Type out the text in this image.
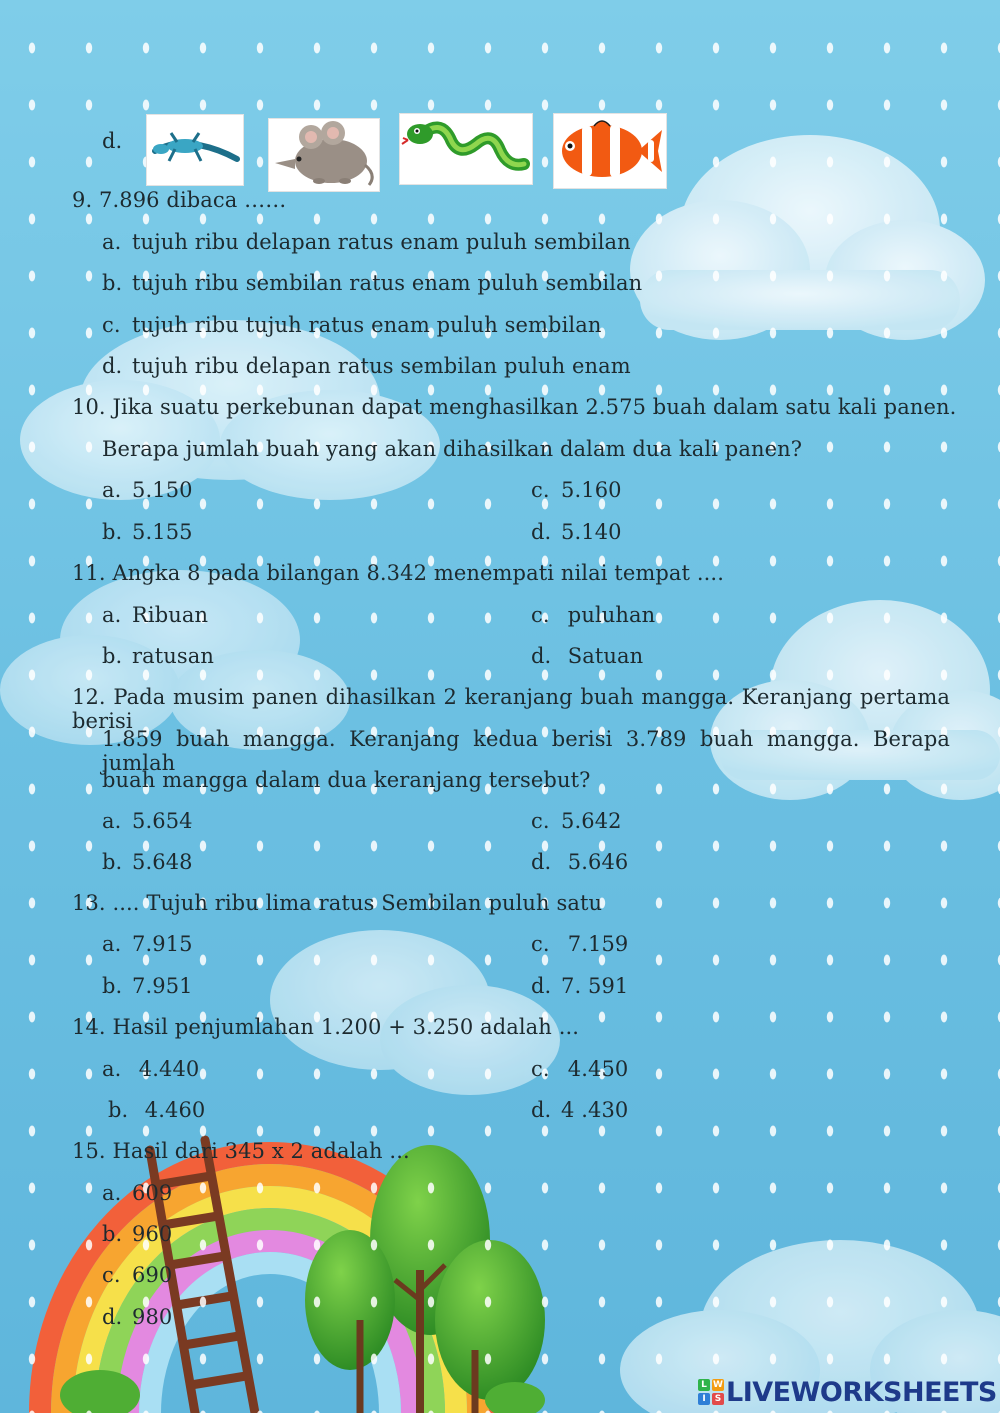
d.
9. 7.896 dibaca ……
a. tujuh ribu delapan ratus enam puluh sembilan
b. tujuh ribu sembilan ratus enam puluh sembilan
c. tujuh ribu tujuh ratus enam puluh sembilan
d. tujuh ribu delapan ratus sembilan puluh enam
10. Jika suatu perkebunan dapat menghasilkan 2.575 buah dalam satu kali panen.
Berapa jumlah buah yang akan dihasilkan dalam dua kali panen?
a. 5.150	c. 5.160
b. 5.155	d. 5.140
11. Angka 8 pada bilangan 8.342 menempati nilai tempat ....
a. Ribuan	c. puluhan
b. ratusan	d. Satuan
12. Pada musim panen dihasilkan 2 keranjang buah mangga. Keranjang pertama berisi
1.859 buah mangga. Keranjang kedua berisi 3.789 buah mangga. Berapa jumlah
buah mangga dalam dua keranjang tersebut?
a. 5.654	c. 5.642
b. 5.648	d. 5.646
13. .... Tujuh ribu lima ratus Sembilan puluh satu
a. 7.915	c. 7.159
b. 7.951	d. 7. 591
14. Hasil penjumlahan 1.200 + 3.250 adalah ...
a. 4.440	c. 4.450
b. 4.460	d. 4 .430
15. Hasil dari 345 x 2 adalah ...
a. 609
b. 960
c. 690
d. 980
L W
I	S LIVEWORKSHEETS
